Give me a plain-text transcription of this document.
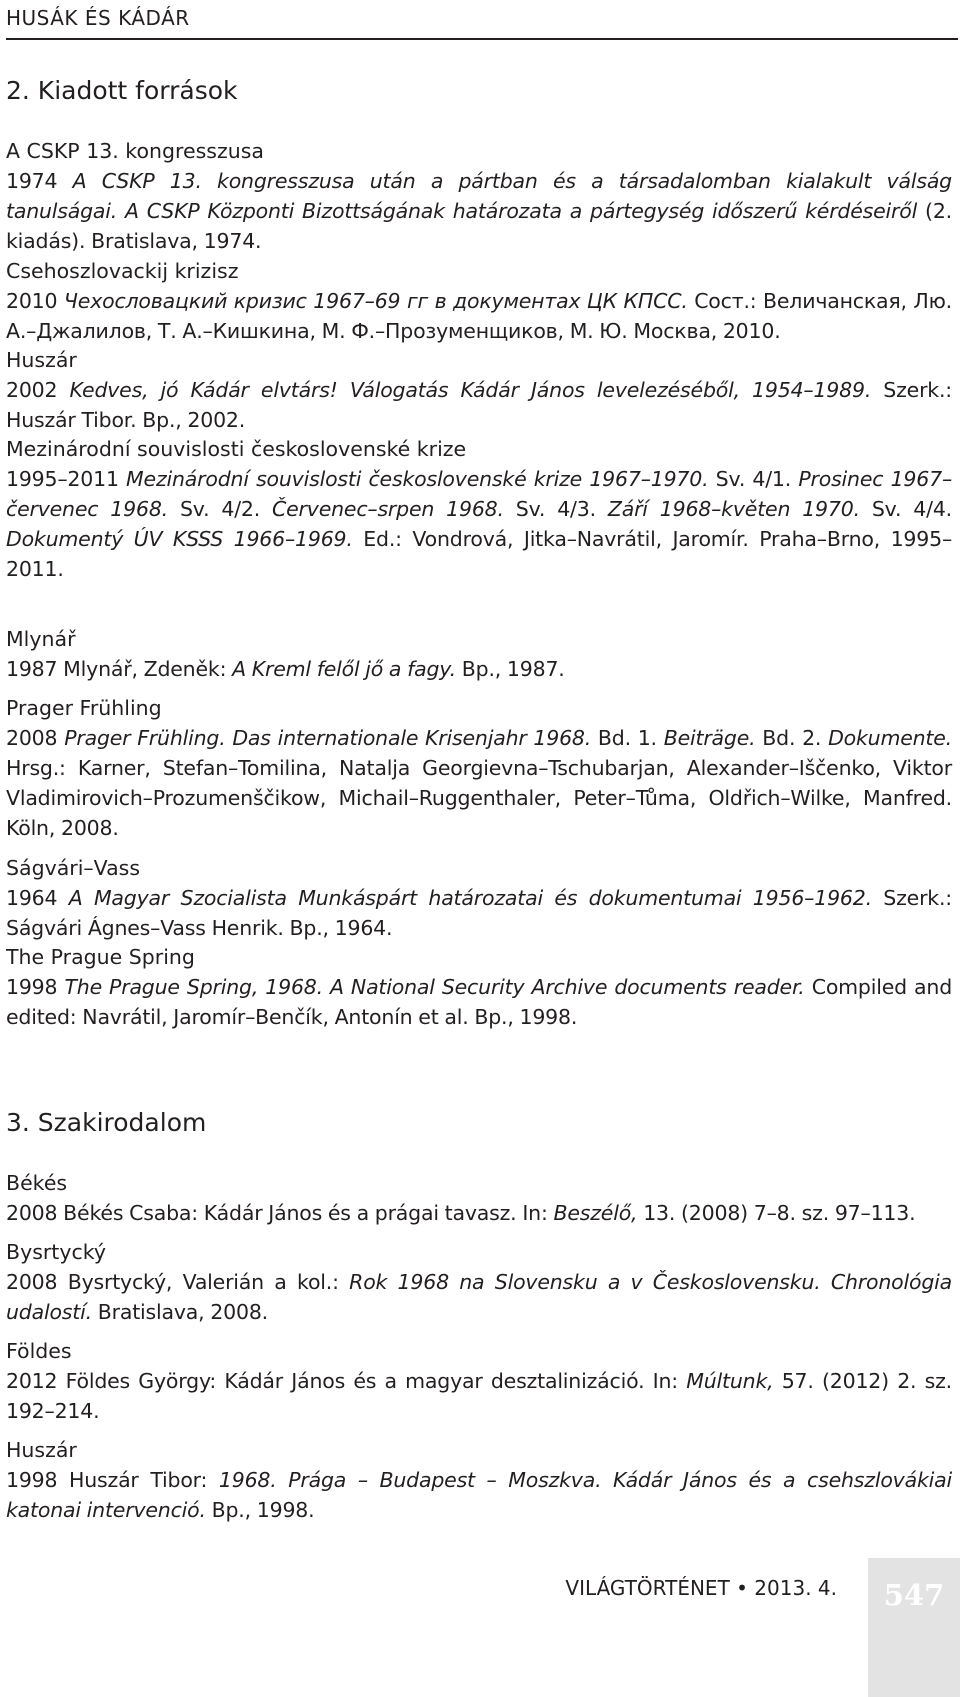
HUSÁK ÉS KÁDÁR
2. Kiadott források
A CSKP 13. kongresszusa
1974 A CSKP 13. kongresszusa után a pártban és a társadalomban kialakult válság tanulságai. A CSKP Központi Bizottságának határozata a pártegység időszerű kérdéseiről (2. kiadás). Bratislava, 1974.
Csehoszlovackij krizisz
2010 Чехословацкий кризис 1967–69 гг в документах ЦК КПСС. Сост.: Величанская, Лю. А.–Джалилов, Т. А.–Кишкина, М. Ф.–Прозуменщиков, М. Ю. Москва, 2010.
Huszár
2002 Kedves, jó Kádár elvtárs! Válogatás Kádár János levelezéséből, 1954–1989. Szerk.: Huszár Tibor. Bp., 2002.
Mezinárodní souvislosti československé krize
1995–2011 Mezinárodní souvislosti československé krize 1967–1970. Sv. 4/1. Prosinec 1967–červenec 1968. Sv. 4/2. Červenec–srpen 1968. Sv. 4/3. Září 1968–květen 1970. Sv. 4/4. Dokumentý ÚV KSSS 1966–1969. Ed.: Vondrová, Jitka–Navrátil, Jaromír. Praha–Brno, 1995–2011.
Mlynář
1987 Mlynář, Zdeněk: A Kreml felől jő a fagy. Bp., 1987.
Prager Frühling
2008 Prager Frühling. Das internationale Krisenjahr 1968. Bd. 1. Beiträge. Bd. 2. Dokumente. Hrsg.: Karner, Stefan–Tomilina, Natalja Georgievna–Tschubarjan, Alexander–Iščenko, Viktor Vladimirovich–Prozumenščikow, Michail–Ruggenthaler, Peter–Tůma, Oldřich–Wilke, Manfred. Köln, 2008.
Ságvári–Vass
1964 A Magyar Szocialista Munkáspárt határozatai és dokumentumai 1956–1962. Szerk.: Ságvári Ágnes–Vass Henrik. Bp., 1964.
The Prague Spring
1998 The Prague Spring, 1968. A National Security Archive documents reader. Compiled and edited: Navrátil, Jaromír–Benčík, Antonín et al. Bp., 1998.
3. Szakirodalom
Békés
2008 Békés Csaba: Kádár János és a prágai tavasz. In: Beszélő, 13. (2008) 7–8. sz. 97–113.
Bysrtycký
2008 Bysrtycký, Valerián a kol.: Rok 1968 na Slovensku a v Československu. Chronológia udalostí. Bratislava, 2008.
Földes
2012 Földes György: Kádár János és a magyar desztalinizáció. In: Múltunk, 57. (2012) 2. sz. 192–214.
Huszár
1998 Huszár Tibor: 1968. Prága – Budapest – Moszkva. Kádár János és a csehszlovákiai katonai intervenció. Bp., 1998.
VILÁGTÖRTÉNET • 2013. 4.	547
